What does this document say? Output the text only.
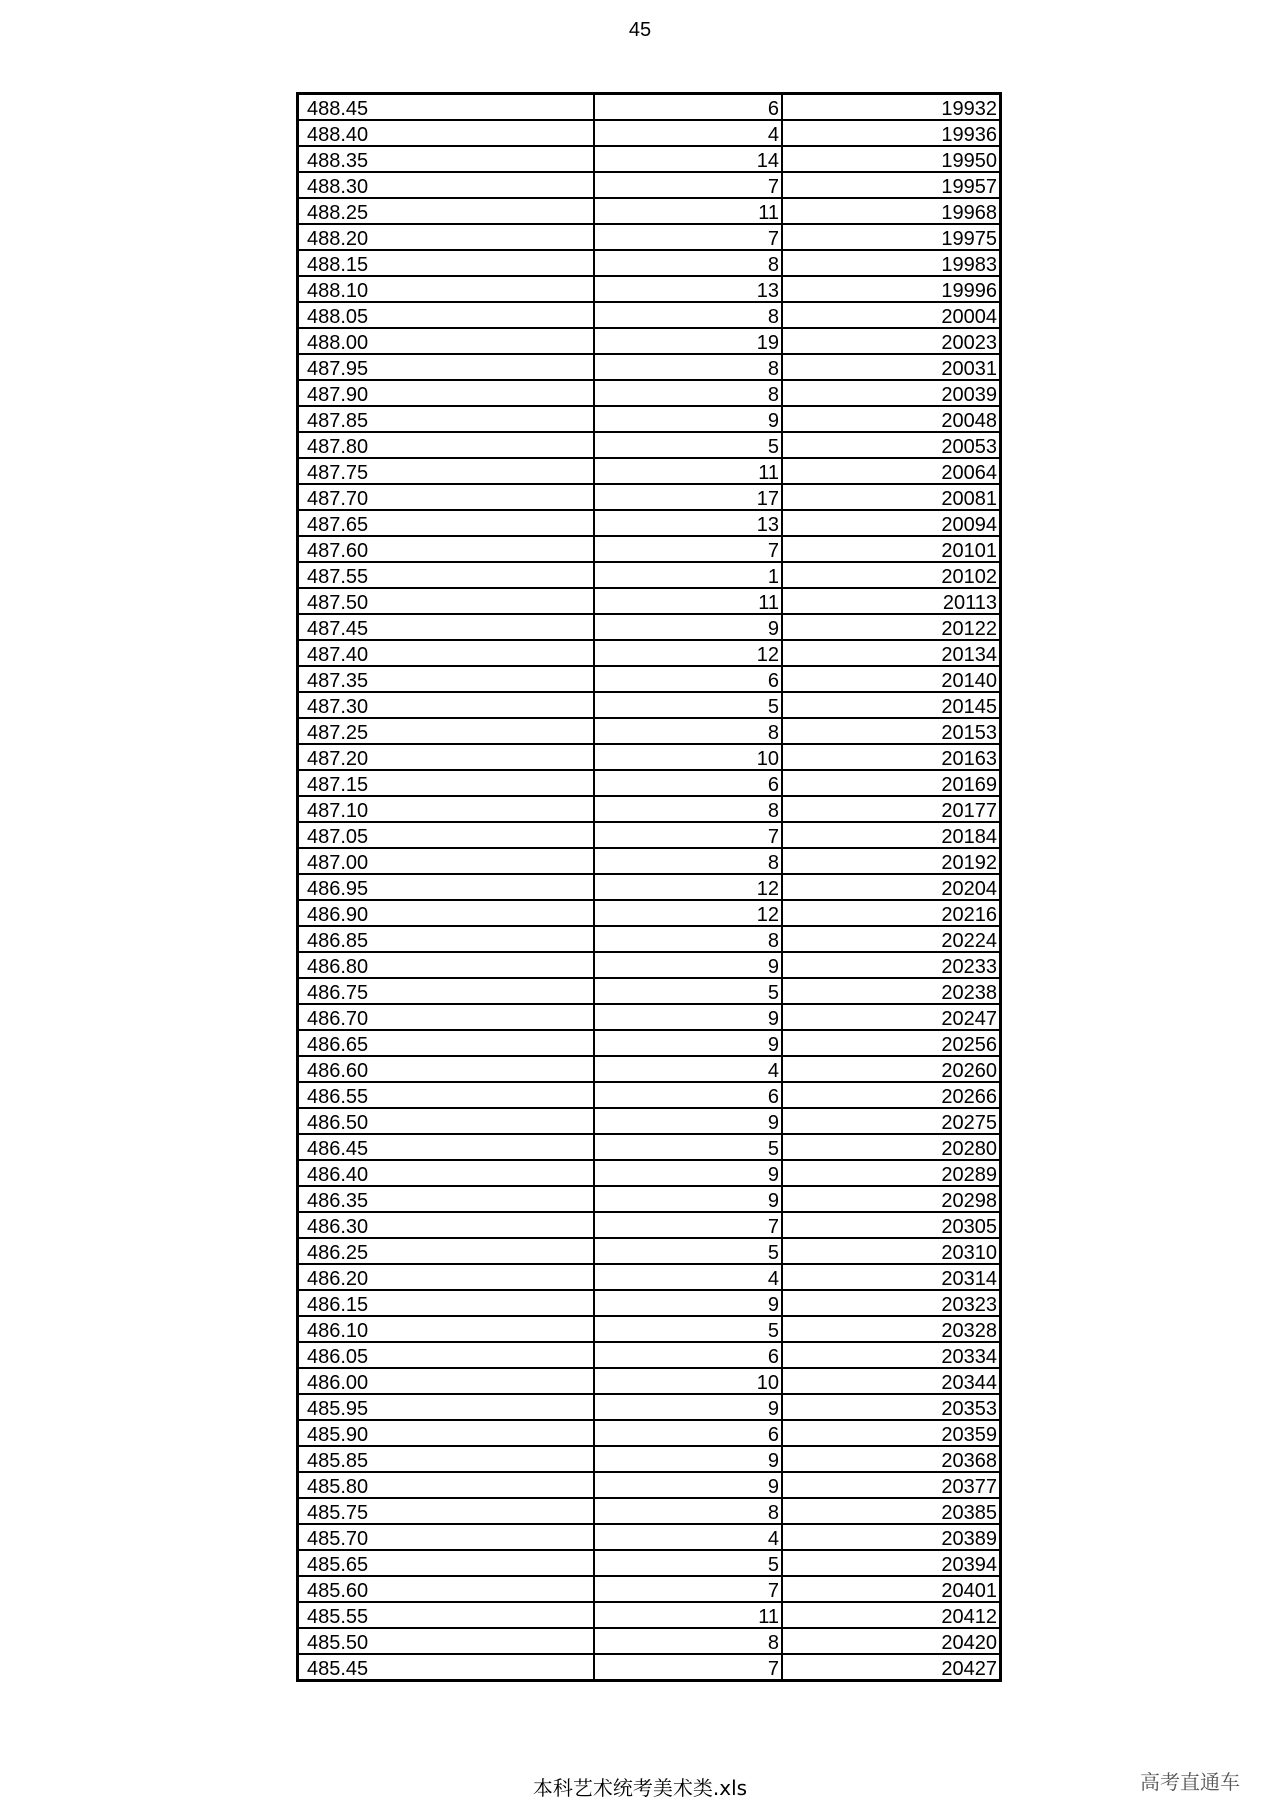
45
488.45	6	19932
488.40	4	19936
488.35	14	19950
488.30	7	19957
488.25	11	19968
488.20	7	19975
488.15	8	19983
488.10	13	19996
488.05	8	20004
488.00	19	20023
487.95	8	20031
487.90	8	20039
487.85	9	20048
487.80	5	20053
487.75	11	20064
487.70	17	20081
487.65	13	20094
487.60	7	20101
487.55	1	20102
487.50	11	20113
487.45	9	20122
487.40	12	20134
487.35	6	20140
487.30	5	20145
487.25	8	20153
487.20	10	20163
487.15	6	20169
487.10	8	20177
487.05	7	20184
487.00	8	20192
486.95	12	20204
486.90	12	20216
486.85	8	20224
486.80	9	20233
486.75	5	20238
486.70	9	20247
486.65	9	20256
486.60	4	20260
486.55	6	20266
486.50	9	20275
486.45	5	20280
486.40	9	20289
486.35	9	20298
486.30	7	20305
486.25	5	20310
486.20	4	20314
486.15	9	20323
486.10	5	20328
486.05	6	20334
486.00	10	20344
485.95	9	20353
485.90	6	20359
485.85	9	20368
485.80	9	20377
485.75	8	20385
485.70	4	20389
485.65	5	20394
485.60	7	20401
485.55	11	20412
485.50	8	20420
485.45	7	20427
本科艺术统考美术类.xls	高考直通车
